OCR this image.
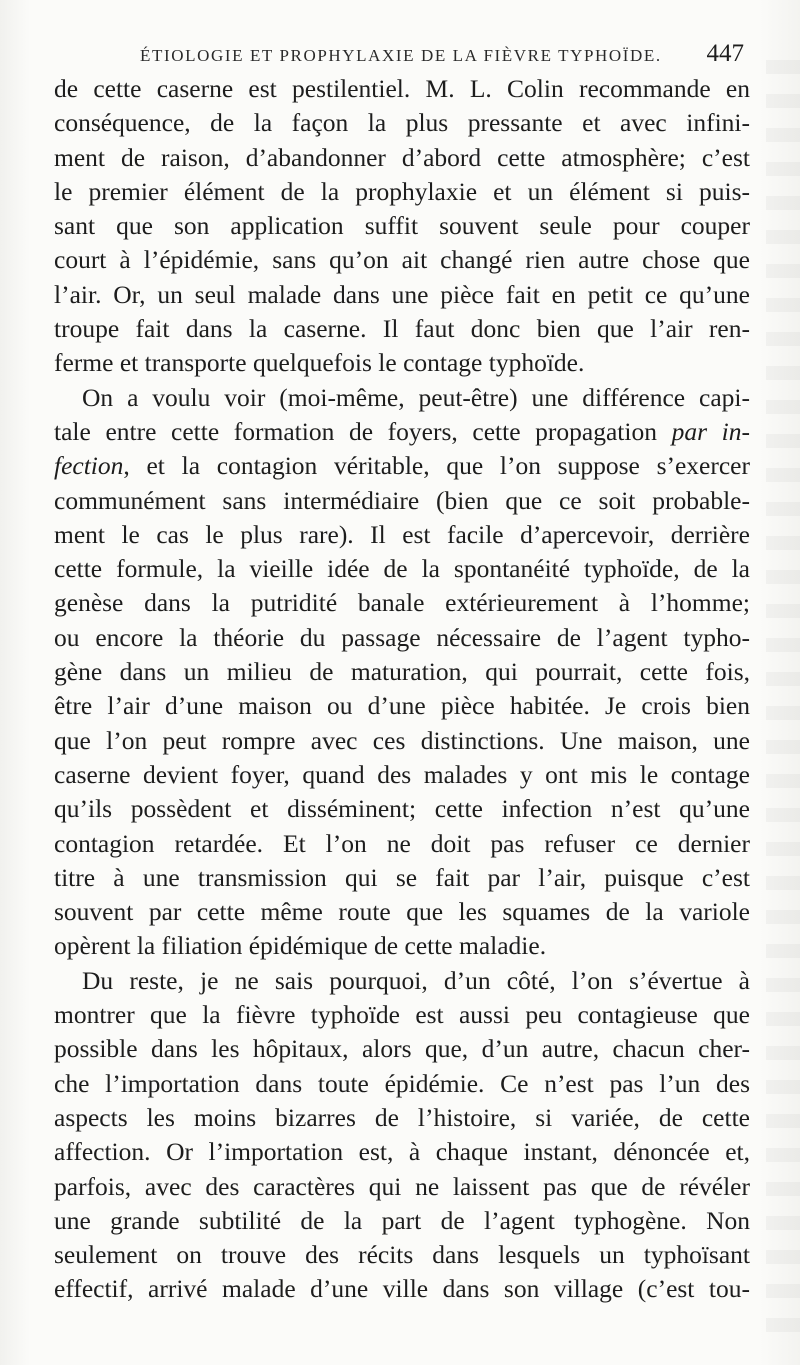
ÉTIOLOGIE ET PROPHYLAXIE DE LA FIÈVRE TYPHOÏDE. 447
de cette caserne est pestilentiel. M. L. Colin recommande en
conséquence, de la façon la plus pressante et avec infini-
ment de raison, d’abandonner d’abord cette atmosphère; c’est
le premier élément de la prophylaxie et un élément si puis-
sant que son application suffit souvent seule pour couper
court à l’épidémie, sans qu’on ait changé rien autre chose que
l’air. Or, un seul malade dans une pièce fait en petit ce qu’une
troupe fait dans la caserne. Il faut donc bien que l’air ren-
ferme et transporte quelquefois le contage typhoïde.
On a voulu voir (moi-même, peut-être) une différence capi-
tale entre cette formation de foyers, cette propagation par in-
fection, et la contagion véritable, que l’on suppose s’exercer
communément sans intermédiaire (bien que ce soit probable-
ment le cas le plus rare). Il est facile d’apercevoir, derrière
cette formule, la vieille idée de la spontanéité typhoïde, de la
genèse dans la putridité banale extérieurement à l’homme;
ou encore la théorie du passage nécessaire de l’agent typho-
gène dans un milieu de maturation, qui pourrait, cette fois,
être l’air d’une maison ou d’une pièce habitée. Je crois bien
que l’on peut rompre avec ces distinctions. Une maison, une
caserne devient foyer, quand des malades y ont mis le contage
qu’ils possèdent et disséminent; cette infection n’est qu’une
contagion retardée. Et l’on ne doit pas refuser ce dernier
titre à une transmission qui se fait par l’air, puisque c’est
souvent par cette même route que les squames de la variole
opèrent la filiation épidémique de cette maladie.
Du reste, je ne sais pourquoi, d’un côté, l’on s’évertue à
montrer que la fièvre typhoïde est aussi peu contagieuse que
possible dans les hôpitaux, alors que, d’un autre, chacun cher-
che l’importation dans toute épidémie. Ce n’est pas l’un des
aspects les moins bizarres de l’histoire, si variée, de cette
affection. Or l’importation est, à chaque instant, dénoncée et,
parfois, avec des caractères qui ne laissent pas que de révéler
une grande subtilité de la part de l’agent typhogène. Non
seulement on trouve des récits dans lesquels un typhoïsant
effectif, arrivé malade d’une ville dans son village (c’est tou-
